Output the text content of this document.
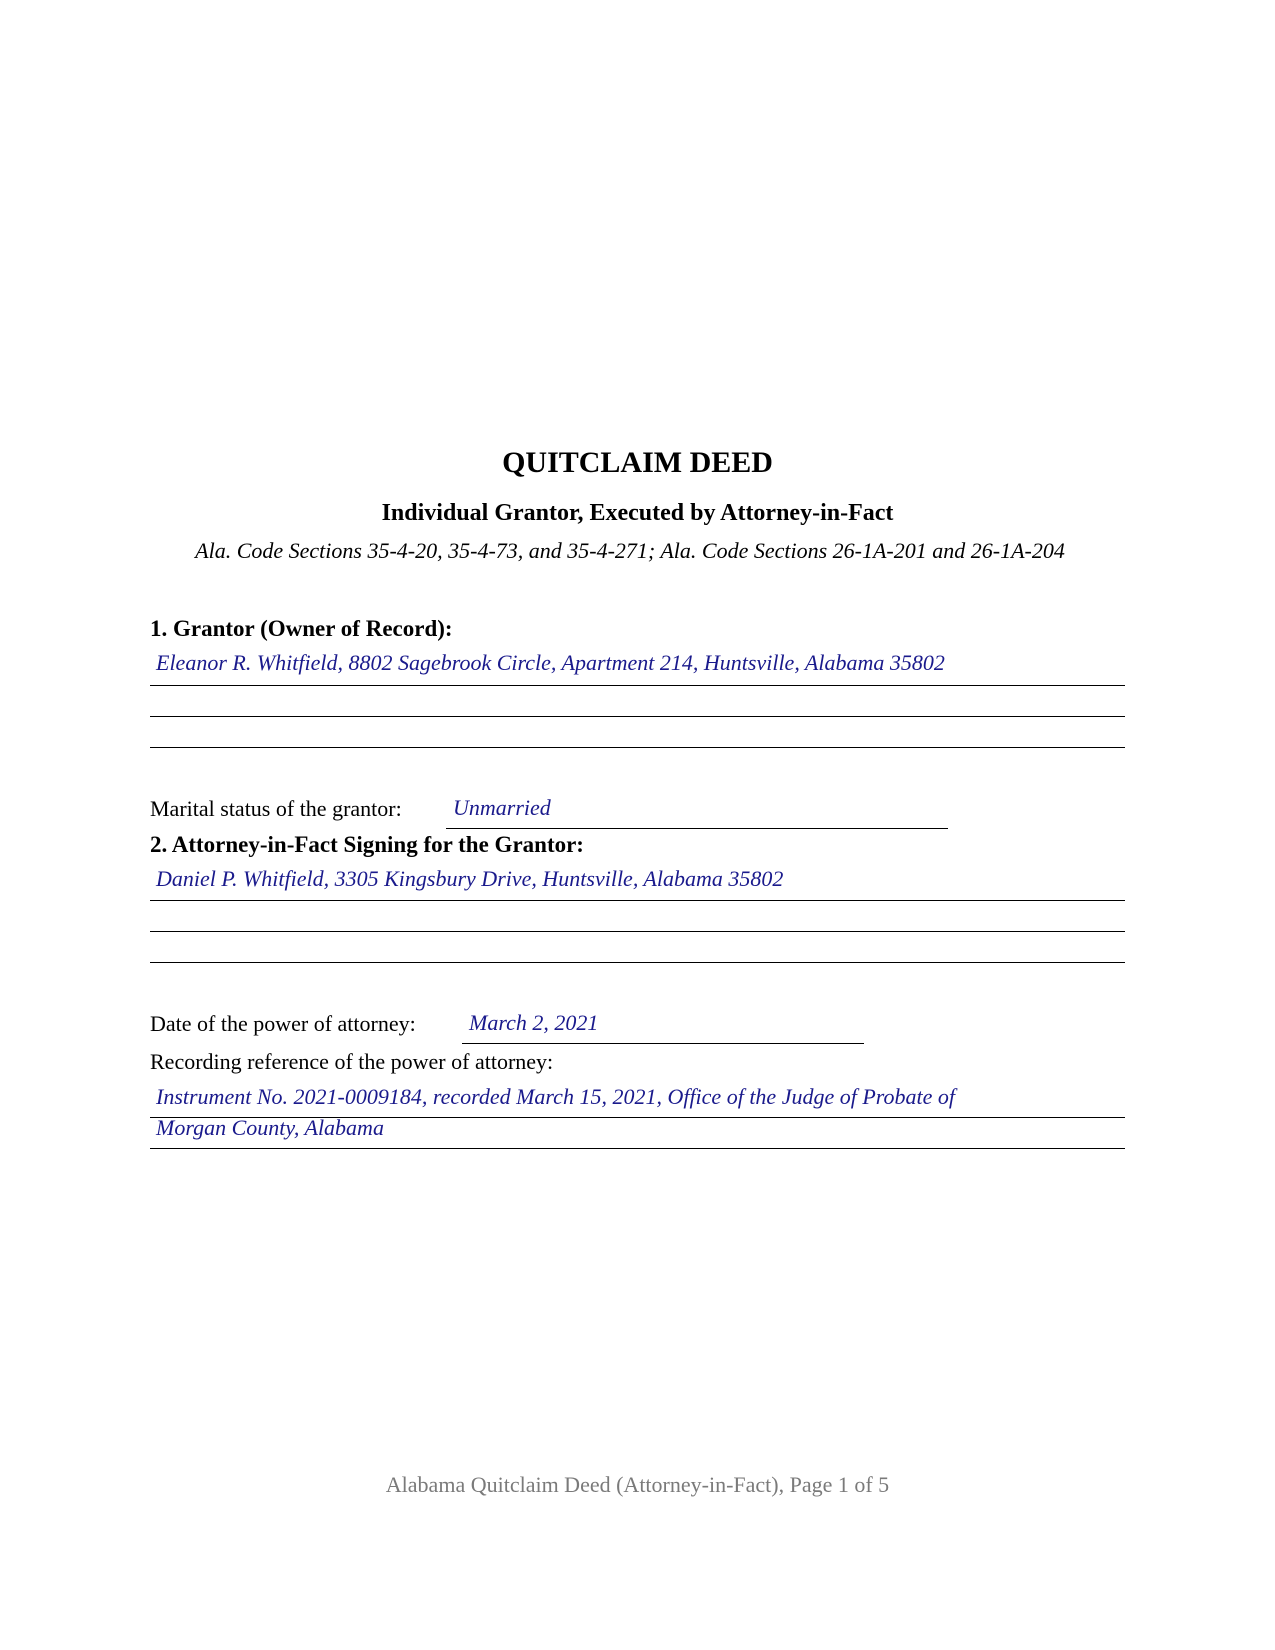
QUITCLAIM DEED
Individual Grantor, Executed by Attorney-in-Fact
Ala. Code Sections 35-4-20, 35-4-73, and 35-4-271; Ala. Code Sections 26-1A-201 and 26-1A-204
1. Grantor (Owner of Record):
Eleanor R. Whitfield, 8802 Sagebrook Circle, Apartment 214, Huntsville, Alabama 35802
Marital status of the grantor: Unmarried
2. Attorney-in-Fact Signing for the Grantor:
Daniel P. Whitfield, 3305 Kingsbury Drive, Huntsville, Alabama 35802
Date of the power of attorney: March 2, 2021
Recording reference of the power of attorney:
Instrument No. 2021-0009184, recorded March 15, 2021, Office of the Judge of Probate of
Morgan County, Alabama
Alabama Quitclaim Deed (Attorney-in-Fact), Page 1 of 5
